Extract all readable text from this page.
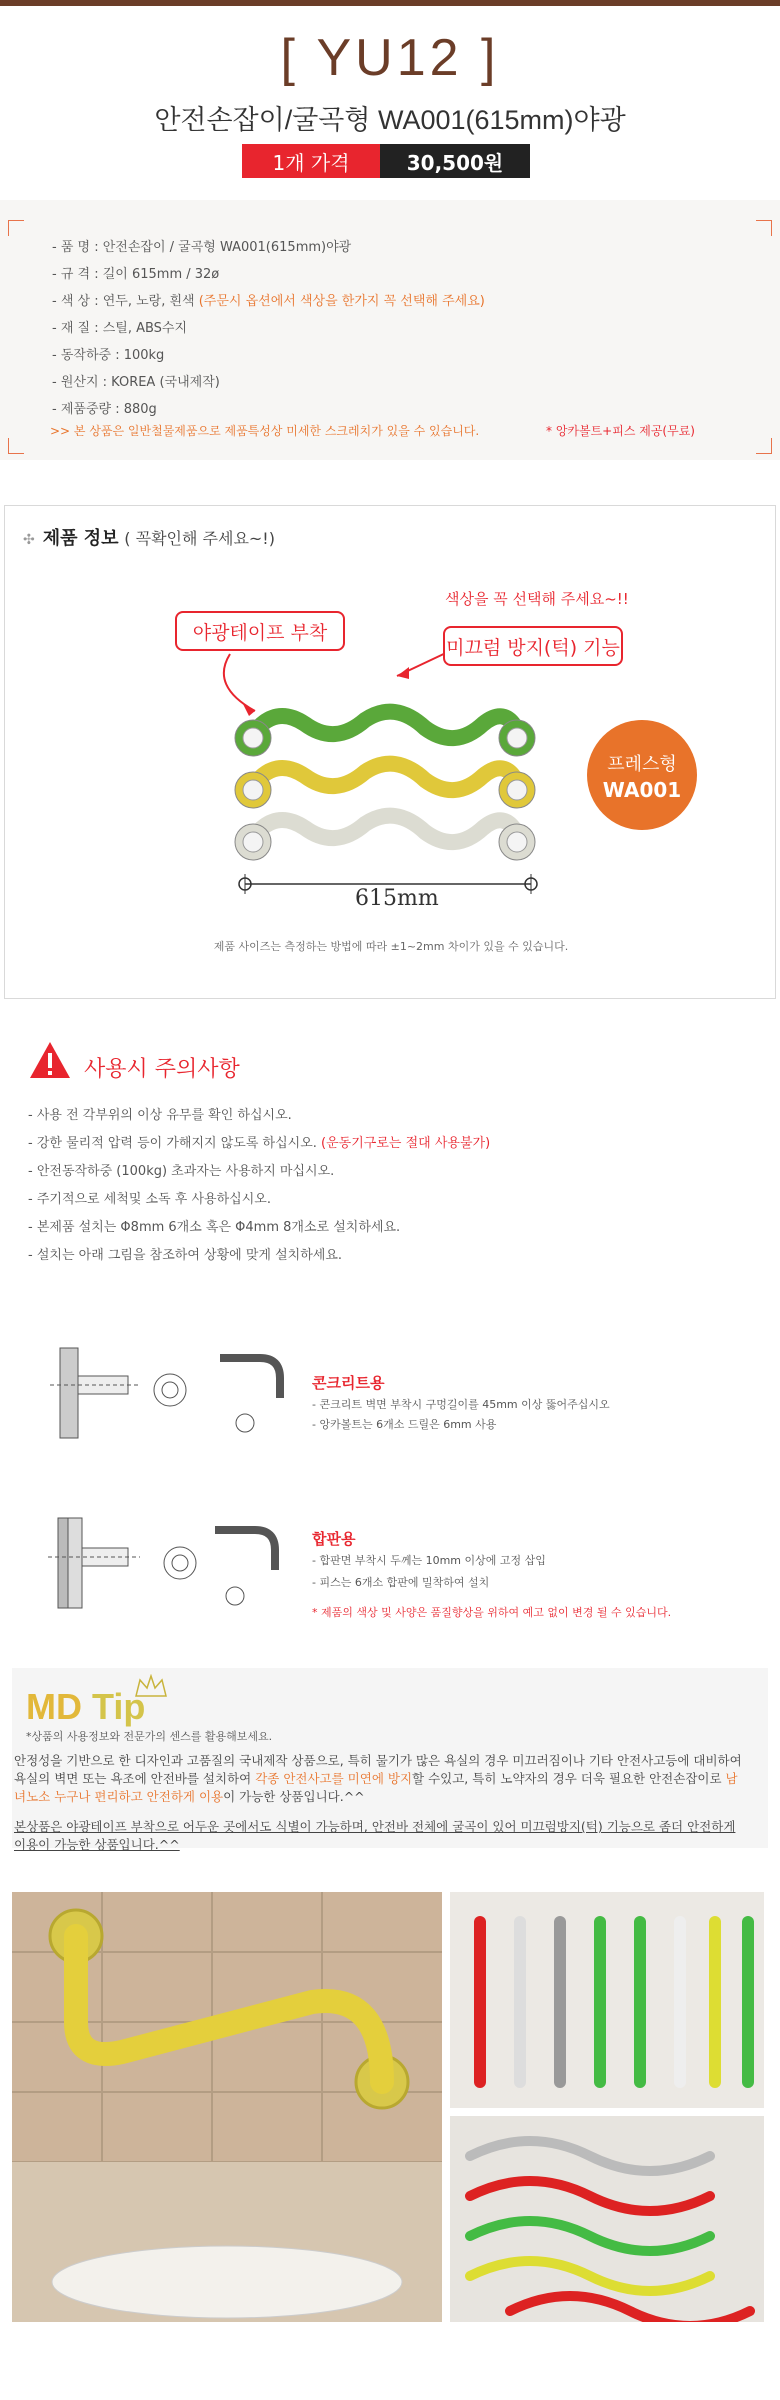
[ YU12 ]
안전손잡이/굴곡형 WA001(615mm)야광
1개 가격	30,500원
- 품 명 : 안전손잡이 / 굴곡형 WA001(615mm)야광
- 규 격 : 길이 615mm / 32ø
- 색 상 : 연두, 노랑, 흰색 (주문시 옵션에서 색상을 한가지 꼭 선택해 주세요)
- 재 질 : 스틸, ABS수지
- 동작하중 : 100kg
- 원산지 : KOREA (국내제작)
- 제품중량 : 880g
>> 본 상품은 일반철물제품으로 제품특성상 미세한 스크레치가 있을 수 있습니다.	* 앙카볼트+피스 제공(무료)
✣ 제품 정보 ( 꼭확인해 주세요~!)
색상을 꼭 선택해 주세요~!!
야광테이프 부착
미끄럼 방지(턱) 기능
프레스형
WA001
615mm
제품 사이즈는 측정하는 방법에 따라 ±1~2mm 차이가 있을 수 있습니다.
사용시 주의사항
- 사용 전 각부위의 이상 유무를 확인 하십시오.
- 강한 물리적 압력 등이 가해지지 않도록 하십시오. (운동기구로는 절대 사용불가)
- 안전동작하중 (100kg) 초과자는 사용하지 마십시오.
- 주기적으로 세척및 소독 후 사용하십시오.
- 본제품 설치는 Φ8mm 6개소 혹은 Φ4mm 8개소로 설치하세요.
- 설치는 아래 그림을 참조하여 상황에 맞게 설치하세요.
콘크리트용
- 콘크리트 벽면 부착시 구멍길이를 45mm 이상 뚫어주십시오
- 앙카볼트는 6개소 드릴은 6mm 사용
합판용
- 합판면 부착시 두께는 10mm 이상에 고정 삽입
- 피스는 6개소 합판에 밀착하여 설치
* 제품의 색상 및 사양은 품질향상을 위하여 예고 없이 변경 될 수 있습니다.
MD Tip
*상품의 사용정보와 전문가의 센스를 활용해보세요.
안정성을 기반으로 한 디자인과 고품질의 국내제작 상품으로, 특히 물기가 많은 욕실의 경우 미끄러짐이나 기타 안전사고등에 대비하여 욕실의 벽면 또는 욕조에 안전바를 설치하여 각종 안전사고를 미연에 방지할 수있고, 특히 노약자의 경우 더욱 필요한 안전손잡이로 남녀노소 누구나 편리하고 안전하게 이용이 가능한 상품입니다.^^
본상품은 야광테이프 부착으로 어두운 곳에서도 식별이 가능하며, 안전바 전체에 굴곡이 있어 미끄럼방지(턱) 기능으로 좀더 안전하게 이용이 가능한 상품입니다.^^
